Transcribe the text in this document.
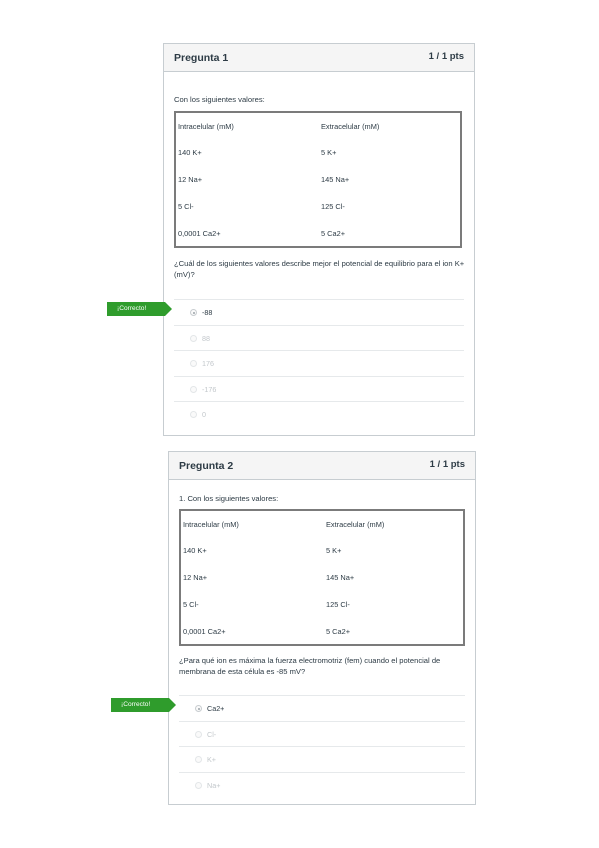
Pregunta 1	1 / 1 pts
Con los siguientes valores:
Intracelular (mM)	Extracelular (mM)
140 K+	5 K+
12 Na+	145 Na+
5 Cl-	125 Cl-
0,0001 Ca2+	5 Ca2+
¿Cuál de los siguientes valores describe mejor el potencial de equilibrio para el ion K+ (mV)?
-88
88
176
-176
0
¡Correcto!
Pregunta 2	1 / 1 pts
1. Con los siguientes valores:
Intracelular (mM)	Extracelular (mM)
140 K+	5 K+
12 Na+	145 Na+
5 Cl-	125 Cl-
0,0001 Ca2+	5 Ca2+
¿Para qué ion es máxima la fuerza electromotriz (fem) cuando el potencial de membrana de esta célula es -85 mV?
Ca2+
Cl-
K+
Na+
¡Correcto!
